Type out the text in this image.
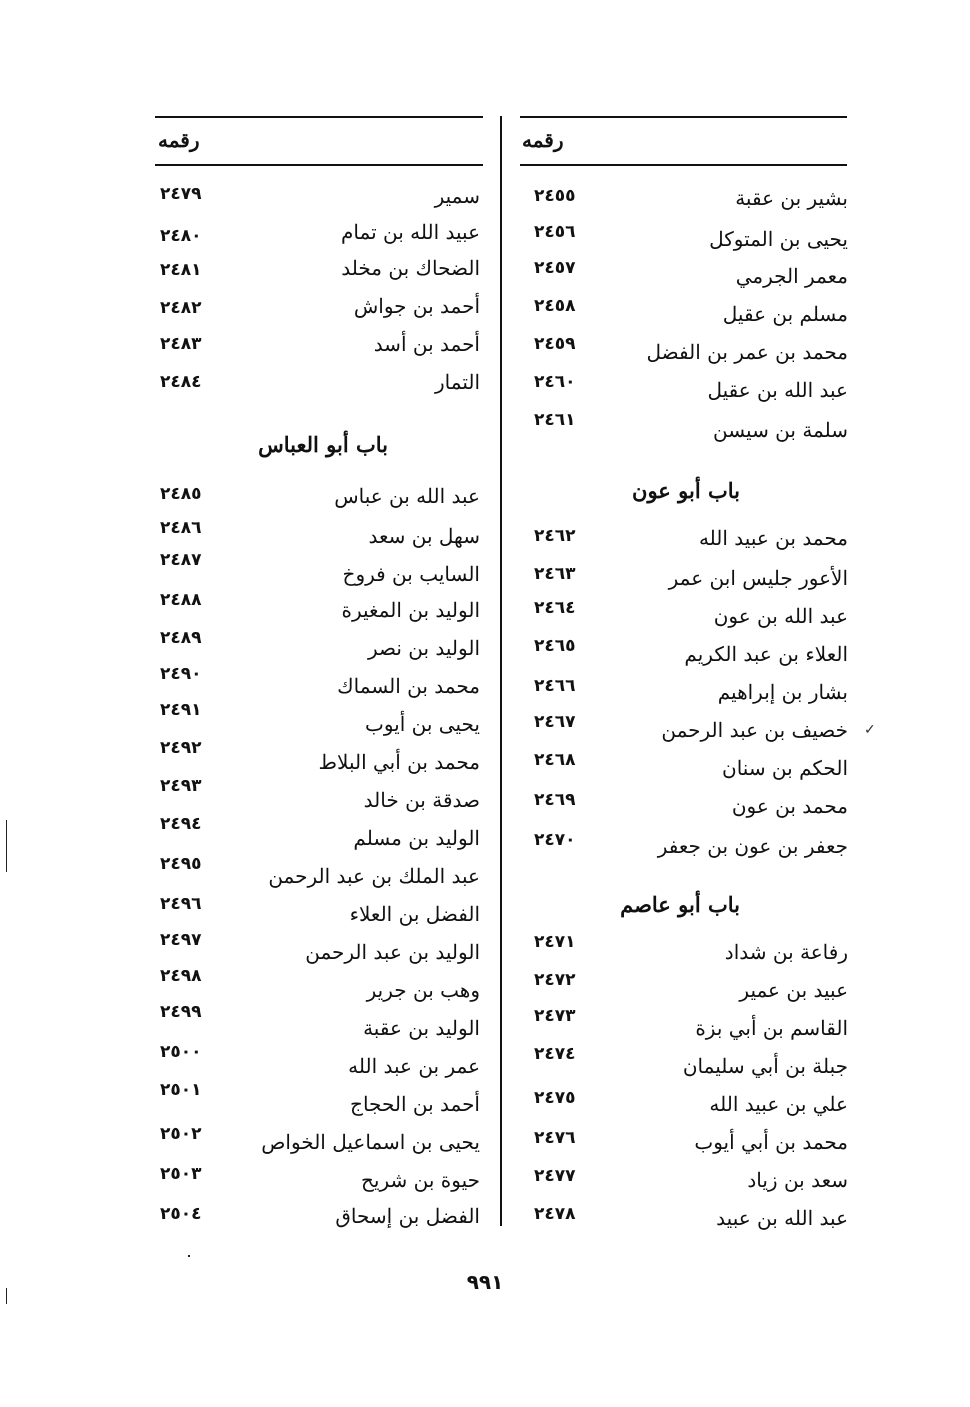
رقمه	رقمه
بشير بن عقبة
٢٤٥٥
يحيى بن المتوكل
٢٤٥٦
معمر الجرمي
٢٤٥٧
مسلم بن عقيل
٢٤٥٨
محمد بن عمر بن الفضل
٢٤٥٩
عبد الله بن عقيل
٢٤٦٠
سلمة بن سيسن
٢٤٦١
باب أبو عون
محمد بن عبيد الله
٢٤٦٢
الأعور جليس ابن عمر
٢٤٦٣
عبد الله بن عون
٢٤٦٤
العلاء بن عبد الكريم
٢٤٦٥
بشار بن إبراهيم
٢٤٦٦
خصيف بن عبد الرحمن
٢٤٦٧
الحكم بن سنان
٢٤٦٨
محمد بن عون
٢٤٦٩
جعفر بن عون بن جعفر
٢٤٧٠
باب أبو عاصم
رفاعة بن شداد
٢٤٧١
عبيد بن عمير
٢٤٧٢
القاسم بن أبي بزة
٢٤٧٣
جبلة بن أبي سليمان
٢٤٧٤
علي بن عبيد الله
٢٤٧٥
محمد بن أبي أيوب
٢٤٧٦
سعد بن زياد
٢٤٧٧
عبد الله بن عبيد
٢٤٧٨
سمير
٢٤٧٩
عبيد الله بن تمام
٢٤٨٠
الضحاك بن مخلد
٢٤٨١
أحمد بن جواش
٢٤٨٢
أحمد بن أسد
٢٤٨٣
التمار
٢٤٨٤
باب أبو العباس
عبد الله بن عباس
٢٤٨٥
سهل بن سعد
٢٤٨٦
السايب بن فروخ
٢٤٨٧
الوليد بن المغيرة
٢٤٨٨
الوليد بن نصر
٢٤٨٩
محمد بن السماك
٢٤٩٠
يحيى بن أيوب
٢٤٩١
محمد بن أبي البلاط
٢٤٩٢
صدقة بن خالد
٢٤٩٣
الوليد بن مسلم
٢٤٩٤
عبد الملك بن عبد الرحمن
٢٤٩٥
الفضل بن العلاء
٢٤٩٦
الوليد بن عبد الرحمن
٢٤٩٧
وهب بن جرير
٢٤٩٨
الوليد بن عقبة
٢٤٩٩
عمر بن عبد الله
٢٥٠٠
أحمد بن الحجاج
٢٥٠١
يحيى بن اسماعيل الخواص
٢٥٠٢
حيوة بن شريح
٢٥٠٣
الفضل بن إسحاق
٢٥٠٤
٩٩١
✓
